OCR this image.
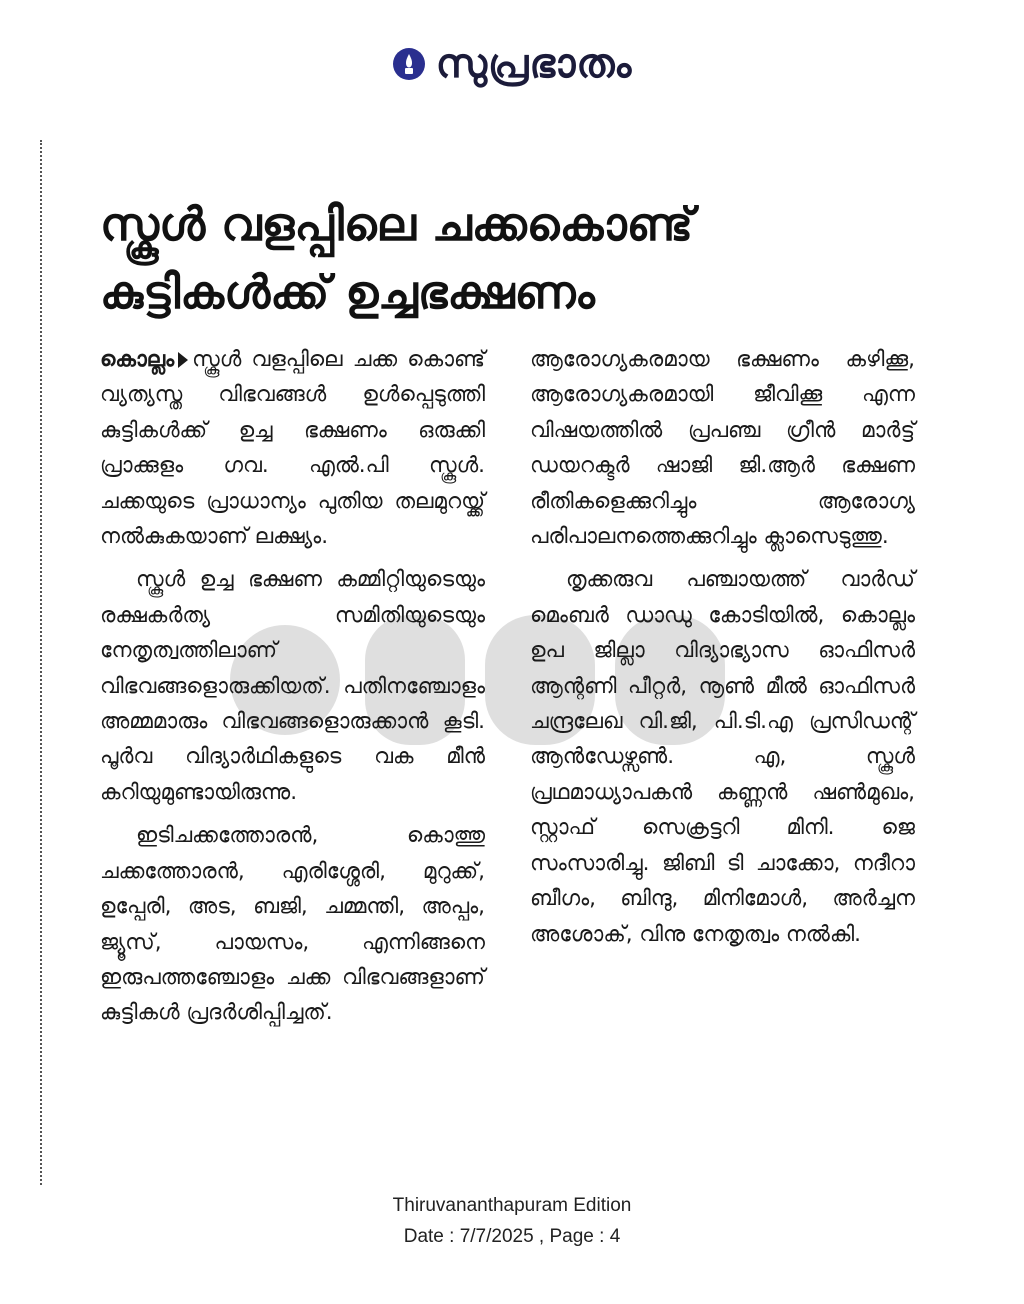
സുപ്രഭാതം
സ്കൂൾ വളപ്പിലെ ചക്കകൊണ്ട്
കുട്ടികൾക്ക് ഉച്ചഭക്ഷണം

കൊല്ലം സ്കൂൾ വളപ്പിലെ ചക്ക കൊണ്ട് വ്യത്യസ്ത വിഭവങ്ങൾ ഉൾപ്പെടുത്തി കുട്ടികൾക്ക് ഉച്ച ഭക്ഷണം ഒരുക്കി പ്രാക്കുളം ഗവ. എൽ.പി സ്കൂൾ. ചക്കയുടെ പ്രാധാന്യം പുതിയ തലമുറയ്ക്ക് നൽകുകയാണ് ലക്ഷ്യം.

സ്കൂൾ ഉച്ച ഭക്ഷണ കമ്മിറ്റിയുടെയും രക്ഷകർത്യ സമിതിയുടെയും നേതൃത്വത്തിലാണ് വിഭവങ്ങളൊരുക്കിയത്. പതിനഞ്ചോളം അമ്മമാരും വിഭവങ്ങളൊരുക്കാൻ കൂടി. പൂർവ വിദ്യാർഥികളുടെ വക മീൻ കറിയുമുണ്ടായിരുന്നു.

ഇടിചക്കത്തോരൻ, കൊത്തു ചക്കത്തോരൻ, എരിശ്ശേരി, മുറുക്ക്, ഉപ്പേരി, അട, ബജി, ചമ്മന്തി, അപ്പം, ജ്യൂസ്, പായസം, എന്നിങ്ങനെ ഇരുപത്തഞ്ചോളം ചക്ക വിഭവങ്ങളാണ് കുട്ടികൾ പ്രദർശിപ്പിച്ചത്.

ആരോഗ്യകരമായ ഭക്ഷണം കഴിക്കൂ, ആരോഗ്യകരമായി ജീവിക്കൂ എന്ന വിഷയത്തിൽ പ്രപഞ്ച ഗ്രീൻ മാർട്ട് ഡയറക്ടർ ഷാജി ജി.ആർ ഭക്ഷണ രീതികളെക്കുറിച്ചും ആരോഗ്യ പരിപാലനത്തെക്കുറിച്ചും ക്ലാസെടുത്തു.

തൃക്കരുവ പഞ്ചായത്ത് വാർഡ് മെംബർ ഡാഡു കോടിയിൽ, കൊല്ലം ഉപ ജില്ലാ വിദ്യാഭ്യാസ ഓഫിസർ ആന്റണി പീറ്റർ, നൂൺ മീൽ ഓഫിസർ ചന്ദ്രലേഖ വി.ജി, പി.ടി.എ പ്രസിഡന്റ് ആൻഡേഴ്സൺ. എ, സ്കൂൾ പ്രഥമാധ്യാപകൻ കണ്ണൻ ഷൺമുഖം, സ്റ്റാഫ് സെക്രട്ടറി മിനി. ജെ സംസാരിച്ചു. ജിബി ടി ചാക്കോ, നദീറാ ബീഗം, ബിന്ദു, മിനിമോൾ, അർച്ചന അശോക്, വിനു നേതൃത്വം നൽകി.

Thiruvananthapuram Edition
Date : 7/7/2025 , Page : 4
